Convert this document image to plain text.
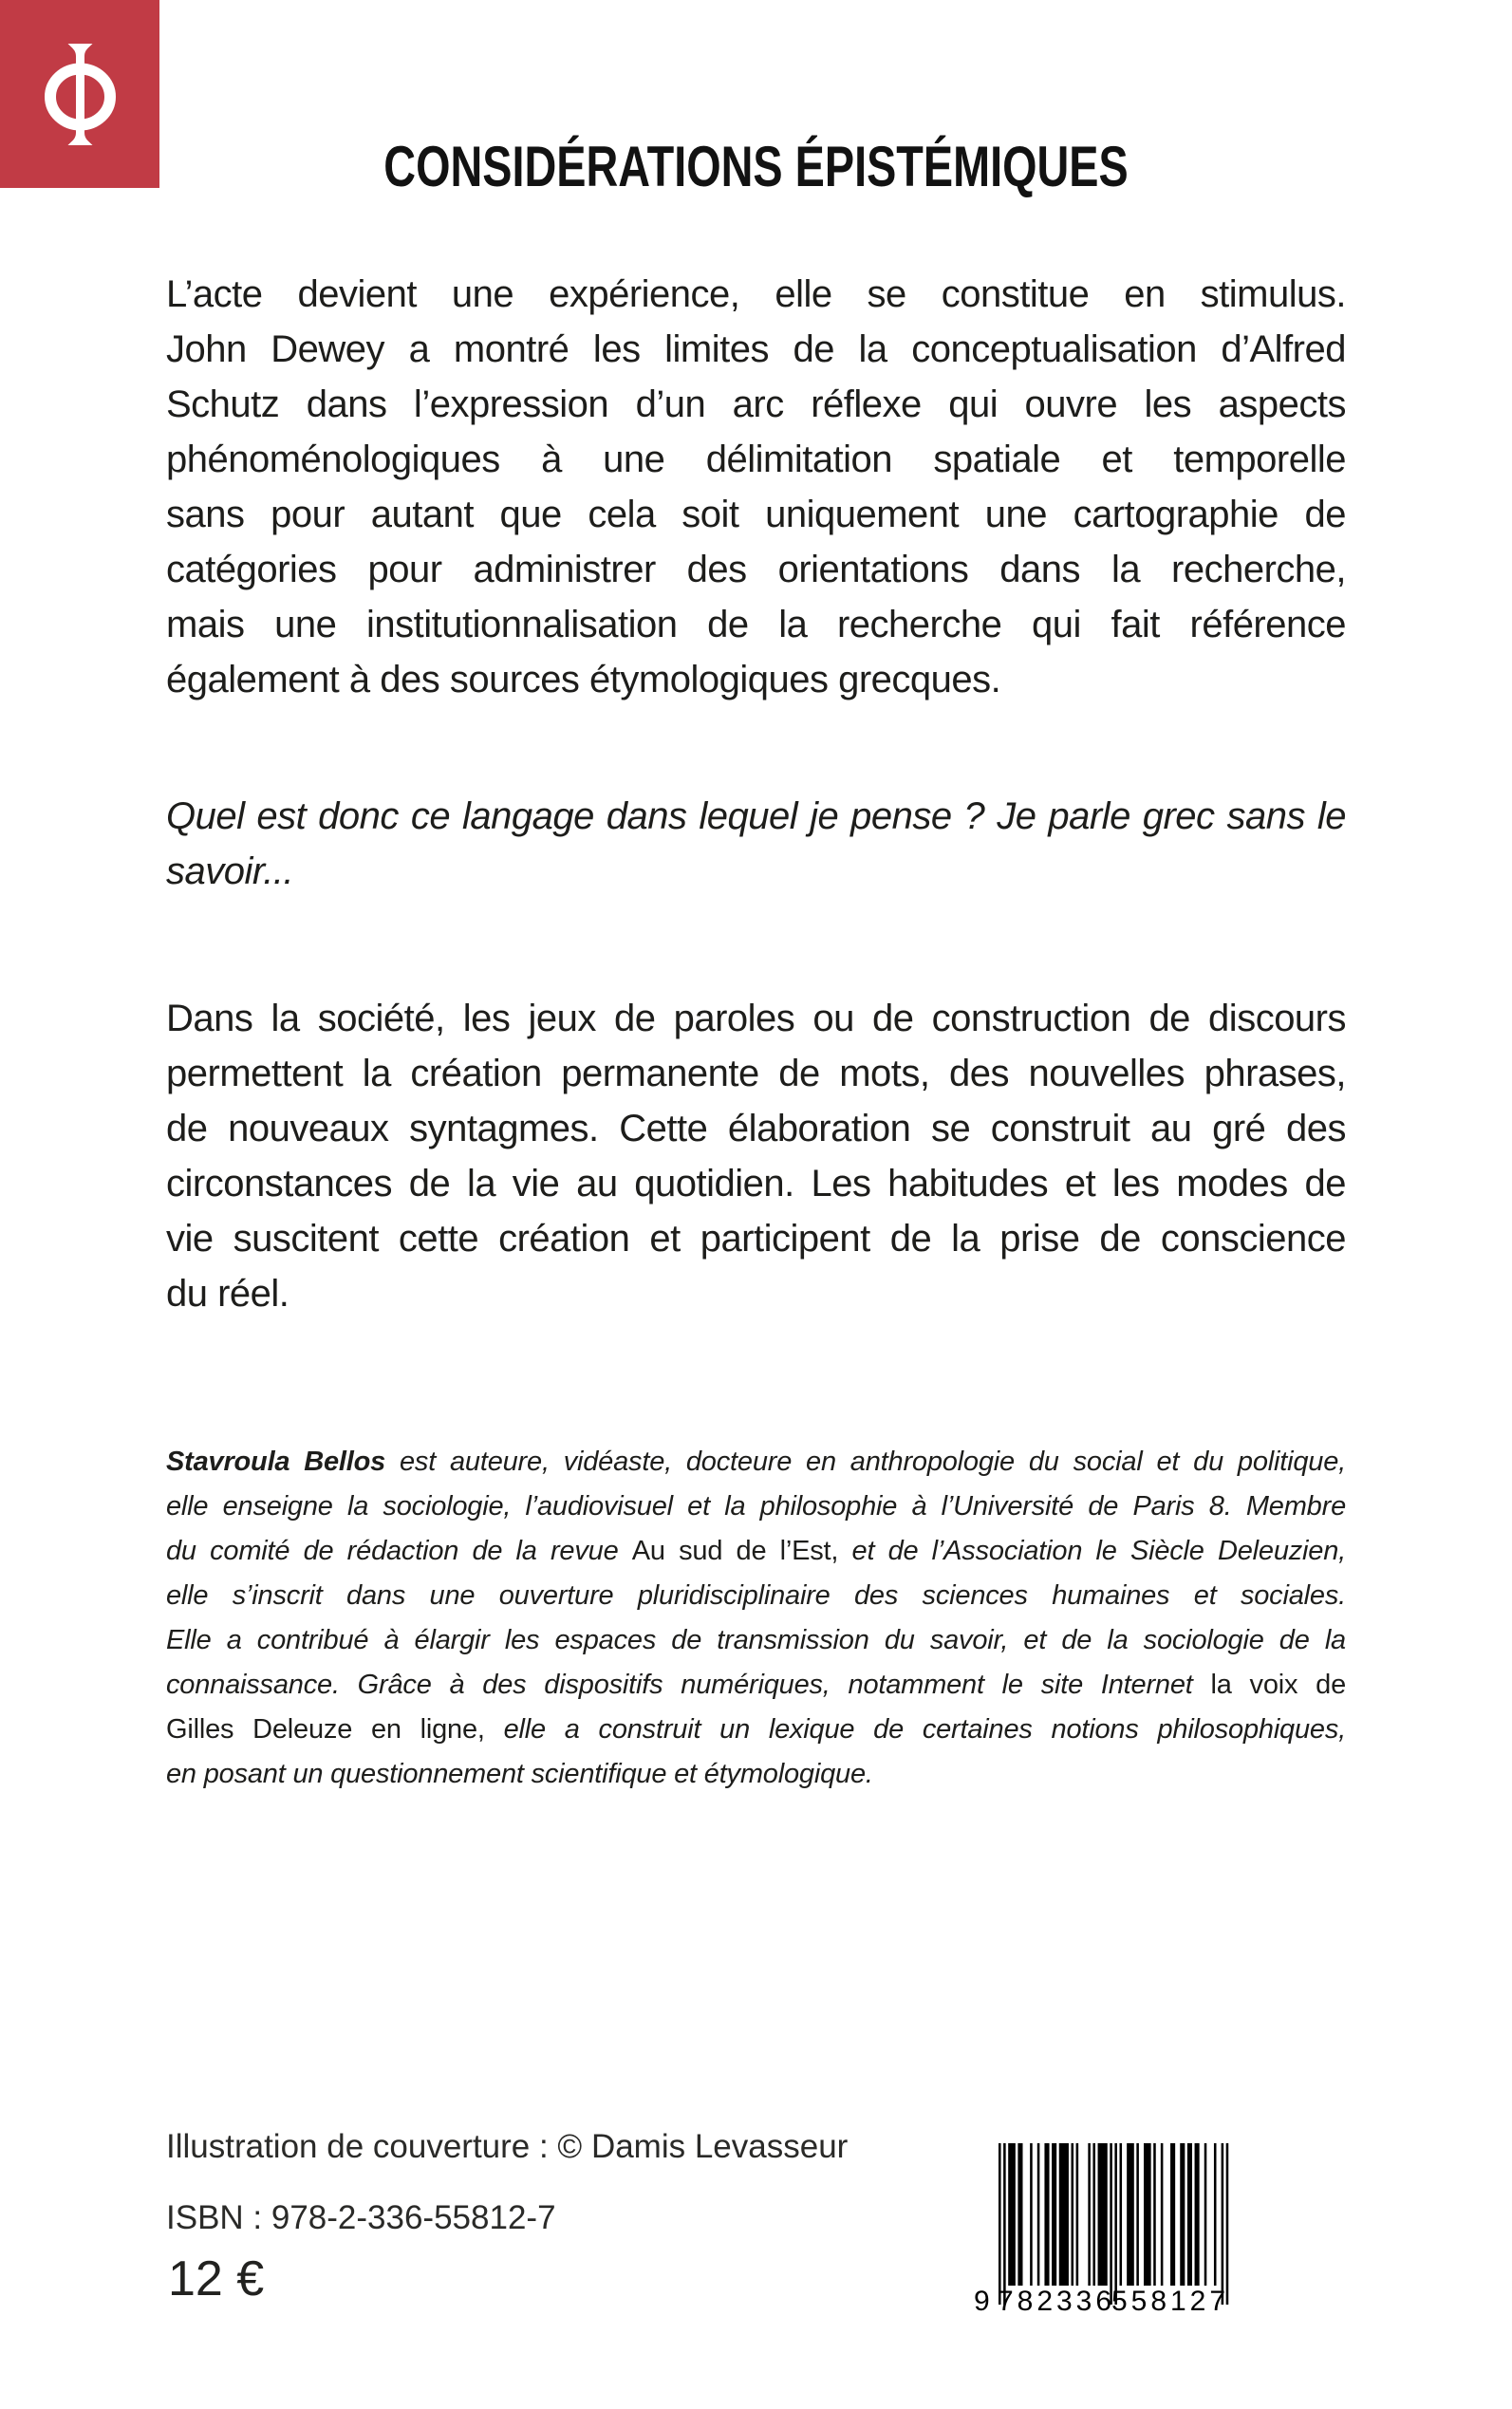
CONSIDÉRATIONS ÉPISTÉMIQUES
L’acte devient une expérience, elle se constitue en stimulus.
John Dewey a montré les limites de la conceptualisation d’Alfred
Schutz dans l’expression d’un arc réflexe qui ouvre les aspects
phénoménologiques à une délimitation spatiale et temporelle
sans pour autant que cela soit uniquement une cartographie de
catégories pour administrer des orientations dans la recherche,
mais une institutionnalisation de la recherche qui fait référence
également à des sources étymologiques grecques.
Quel est donc ce langage dans lequel je pense ? Je parle grec sans le
savoir...
Dans la société, les jeux de paroles ou de construction de discours
permettent la création permanente de mots, des nouvelles phrases,
de nouveaux syntagmes. Cette élaboration se construit au gré des
circonstances de la vie au quotidien. Les habitudes et les modes de
vie suscitent cette création et participent de la prise de conscience
du réel.
Stavroula Bellos est auteure, vidéaste, docteure en anthropologie du social et du politique,
elle enseigne la sociologie, l’audiovisuel et la philosophie à l’Université de Paris 8. Membre
du comité de rédaction de la revue Au sud de l’Est, et de l’Association le Siècle Deleuzien,
elle s’inscrit dans une ouverture pluridisciplinaire des sciences humaines et sociales.
Elle a contribué à élargir les espaces de transmission du savoir, et de la sociologie de la
connaissance. Grâce à des dispositifs numériques, notamment le site Internet la voix de
Gilles Deleuze en ligne, elle a construit un lexique de certaines notions philosophiques,
en posant un questionnement scientifique et étymologique.
Illustration de couverture : © Damis Levasseur
ISBN : 978-2-336-55812-7
12 €	9 782336
558127
